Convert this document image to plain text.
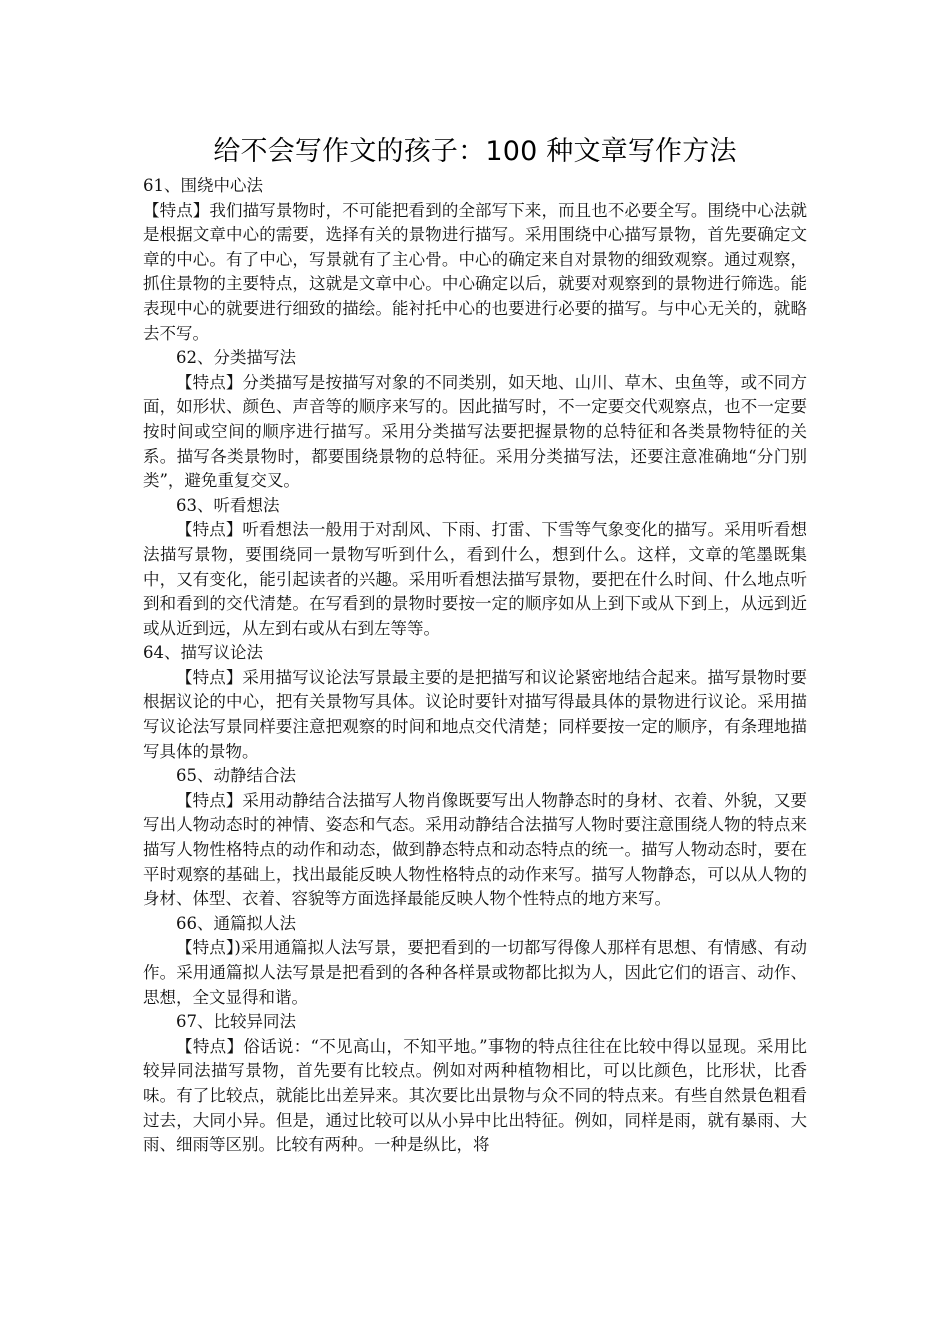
给不会写作文的孩子：100 种文章写作方法
61、围绕中心法
【特点】我们描写景物时，不可能把看到的全部写下来，而且也不必要全写。围绕中心法就是根据文章中心的需要，选择有关的景物进行描写。采用围绕中心描写景物，首先要确定文章的中心。有了中心，写景就有了主心骨。中心的确定来自对景物的细致观察。通过观察，抓住景物的主要特点，这就是文章中心。中心确定以后，就要对观察到的景物进行筛选。能表现中心的就要进行细致的描绘。能衬托中心的也要进行必要的描写。与中心无关的，就略去不写。
62、分类描写法
【特点】分类描写是按描写对象的不同类别，如天地、山川、草木、虫鱼等，或不同方面，如形状、颜色、声音等的顺序来写的。因此描写时，不一定要交代观察点，也不一定要按时间或空间的顺序进行描写。采用分类描写法要把握景物的总特征和各类景物特征的关系。描写各类景物时，都要围绕景物的总特征。采用分类描写法，还要注意准确地“分门别类”，避免重复交叉。
63、听看想法
【特点】听看想法一般用于对刮风、下雨、打雷、下雪等气象变化的描写。采用听看想法描写景物，要围绕同一景物写听到什么，看到什么，想到什么。这样，文章的笔墨既集中，又有变化，能引起读者的兴趣。采用听看想法描写景物，要把在什么时间、什么地点听到和看到的交代清楚。在写看到的景物时要按一定的顺序如从上到下或从下到上，从远到近或从近到远，从左到右或从右到左等等。
64、描写议论法
【特点】采用描写议论法写景最主要的是把描写和议论紧密地结合起来。描写景物时要根据议论的中心，把有关景物写具体。议论时要针对描写得最具体的景物进行议论。采用描写议论法写景同样要注意把观察的时间和地点交代清楚；同样要按一定的顺序，有条理地描写具体的景物。
65、动静结合法
【特点】采用动静结合法描写人物肖像既要写出人物静态时的身材、衣着、外貌，又要写出人物动态时的神情、姿态和气态。采用动静结合法描写人物时要注意围绕人物的特点来描写人物性格特点的动作和动态，做到静态特点和动态特点的统一。描写人物动态时，要在平时观察的基础上，找出最能反映人物性格特点的动作来写。描写人物静态，可以从人物的身材、体型、衣着、容貌等方面选择最能反映人物个性特点的地方来写。
66、通篇拟人法
【特点】)采用通篇拟人法写景，要把看到的一切都写得像人那样有思想、有情感、有动作。采用通篇拟人法写景是把看到的各种各样景或物都比拟为人，因此它们的语言、动作、思想，全文显得和谐。
67、比较异同法
【特点】俗话说：“不见高山，不知平地。”事物的特点往往在比较中得以显现。采用比较异同法描写景物，首先要有比较点。例如对两种植物相比，可以比颜色，比形状，比香味。有了比较点，就能比出差异来。其次要比出景物与众不同的特点来。有些自然景色粗看过去，大同小异。但是，通过比较可以从小异中比出特征。例如，同样是雨，就有暴雨、大雨、细雨等区别。比较有两种。一种是纵比，将
